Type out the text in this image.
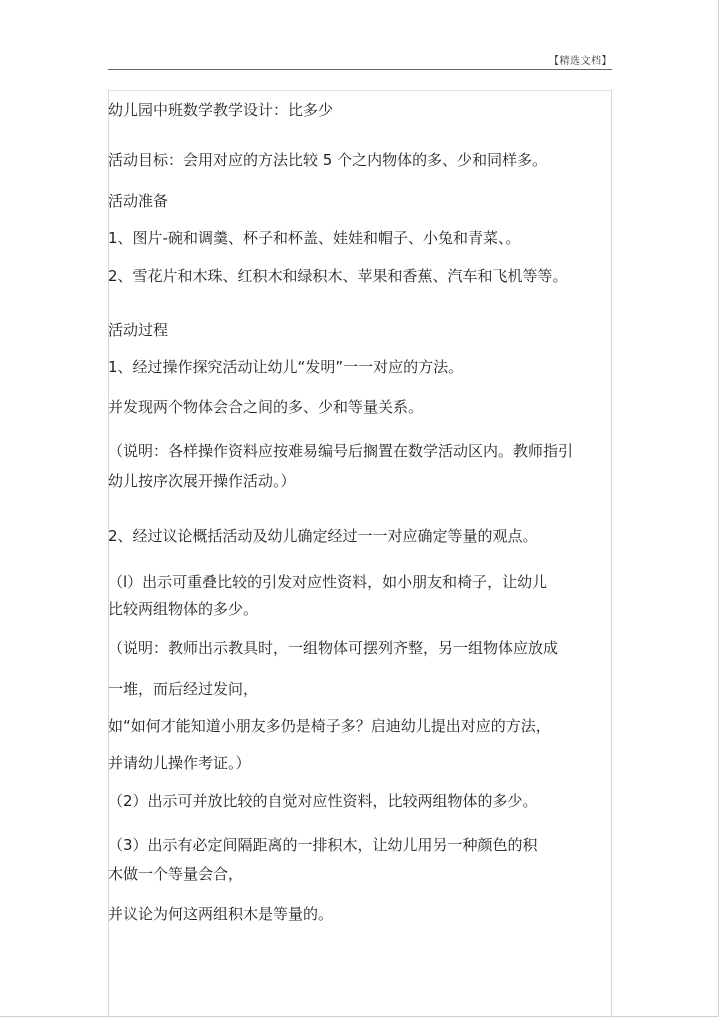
【精选文档】
幼儿园中班数学教学设计：比多少
活动目标：会用对应的方法比较 5 个之内物体的多、少和同样多。
活动准备
1、图片-碗和调羹、杯子和杯盖、娃娃和帽子、小兔和青菜、。
2、雪花片和木珠、红积木和绿积木、苹果和香蕉、汽车和飞机等等。
活动过程
1、经过操作探究活动让幼儿“发明”一一对应的方法。
并发现两个物体会合之间的多、少和等量关系。
（说明：各样操作资料应按难易编号后搁置在数学活动区内。教师指引
幼儿按序次展开操作活动。）
2、经过议论概括活动及幼儿确定经过一一对应确定等量的观点。
（l）出示可重叠比较的引发对应性资料，如小朋友和椅子，让幼儿
比较两组物体的多少。
（说明：教师出示教具时，一组物体可摆列齐整，另一组物体应放成
一堆，而后经过发问，
如“如何才能知道小朋友多仍是椅子多？启迪幼儿提出对应的方法，
并请幼儿操作考证。）
（2）出示可并放比较的自觉对应性资料，比较两组物体的多少。
（3）出示有必定间隔距离的一排积木，让幼儿用另一种颜色的积
木做一个等量会合，
并议论为何这两组积木是等量的。
